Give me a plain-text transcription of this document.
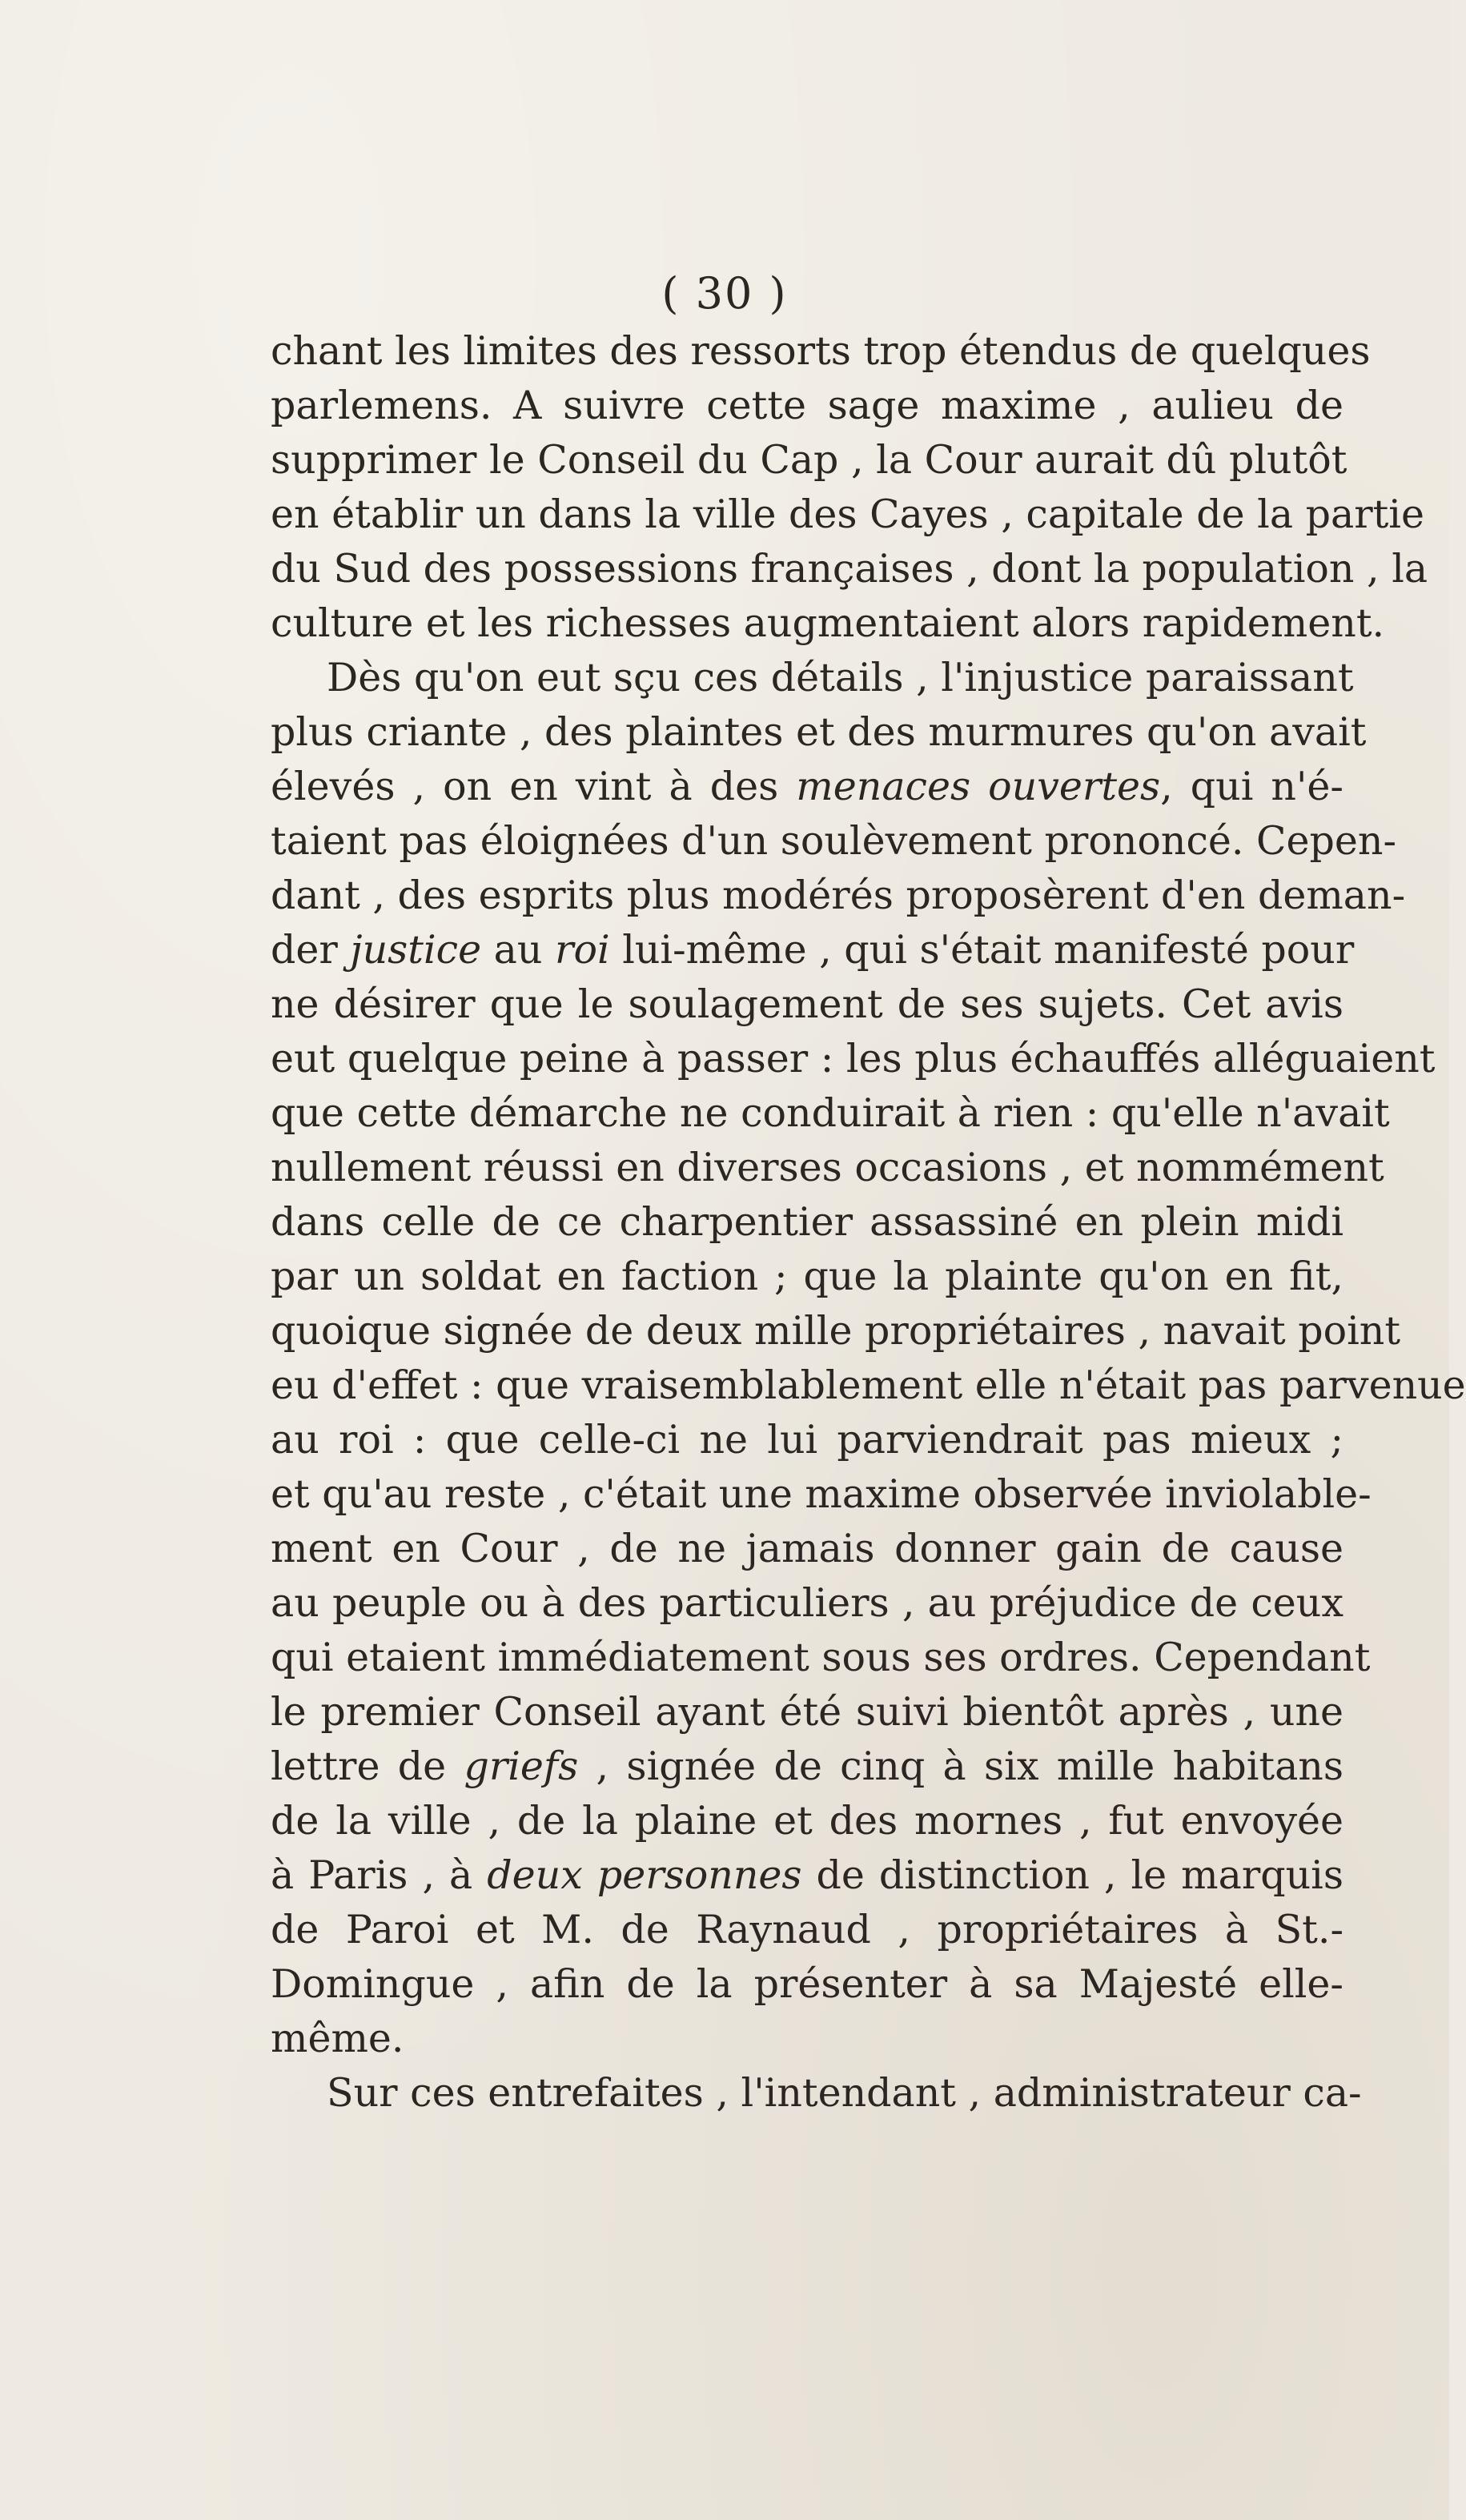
( 30 )
chant les limites des ressorts trop étendus de quelques
parlemens. A suivre cette sage maxime , aulieu de
supprimer le Conseil du Cap , la Cour aurait dû plutôt
en établir un dans la ville des Cayes , capitale de la partie
du Sud des possessions françaises , dont la population , la
culture et les richesses augmentaient alors rapidement.
Dès qu'on eut sçu ces détails , l'injustice paraissant
plus criante , des plaintes et des murmures qu'on avait
élevés , on en vint à des menaces ouvertes, qui n'é-
taient pas éloignées d'un soulèvement prononcé. Cepen-
dant , des esprits plus modérés proposèrent d'en deman-
der justice au roi lui-même , qui s'était manifesté pour
ne désirer que le soulagement de ses sujets. Cet avis
eut quelque peine à passer : les plus échauffés alléguaient
que cette démarche ne conduirait à rien : qu'elle n'avait
nullement réussi en diverses occasions , et nommément
dans celle de ce charpentier assassiné en plein midi
par un soldat en faction ; que la plainte qu'on en fit,
quoique signée de deux mille propriétaires , navait point
eu d'effet : que vraisemblablement elle n'était pas parvenue
au roi : que celle-ci ne lui parviendrait pas mieux ;
et qu'au reste , c'était une maxime observée inviolable-
ment en Cour , de ne jamais donner gain de cause
au peuple ou à des particuliers , au préjudice de ceux
qui etaient immédiatement sous ses ordres. Cependant
le premier Conseil ayant été suivi bientôt après , une
lettre de griefs , signée de cinq à six mille habitans
de la ville , de la plaine et des mornes , fut envoyée
à Paris , à deux personnes de distinction , le marquis
de Paroi et M. de Raynaud , propriétaires à St.-
Domingue , afin de la présenter à sa Majesté elle-
même.
Sur ces entrefaites , l'intendant , administrateur ca-
